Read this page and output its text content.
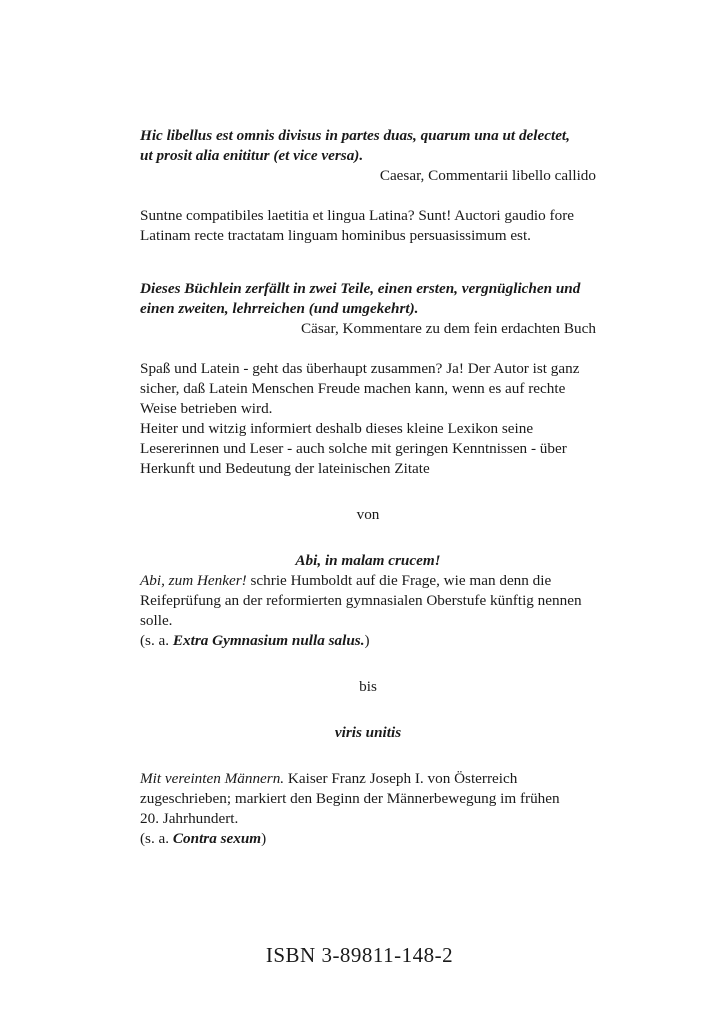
Hic libellus est omnis divisus in partes duas, quarum una ut delectet,

ut prosit alia enititur (et vice versa).

Caesar, Commentarii libello callido

Suntne compatibiles laetitia et lingua Latina? Sunt! Auctori gaudio fore

Latinam recte tractatam linguam hominibus persuasissimum est.

Dieses Büchlein zerfällt in zwei Teile, einen ersten, vergnüglichen und

einen zweiten, lehrreichen (und umgekehrt).

Cäsar, Kommentare zu dem fein erdachten Buch

Spaß und Latein - geht das überhaupt zusammen? Ja! Der Autor ist ganz

sicher, daß Latein Menschen Freude machen kann, wenn es auf rechte

Weise betrieben wird.

Heiter und witzig informiert deshalb dieses kleine Lexikon seine

Lesererinnen und Leser - auch solche mit geringen Kenntnissen - über

Herkunft und Bedeutung der lateinischen Zitate

von

Abi, in malam crucem!

Abi, zum Henker! schrie Humboldt auf die Frage, wie man denn die

Reifeprüfung an der reformierten gymnasialen Oberstufe künftig nennen

solle.

(s. a. Extra Gymnasium nulla salus.)

bis

viris unitis

Mit vereinten Männern. Kaiser Franz Joseph I. von Österreich

zugeschrieben; markiert den Beginn der Männerbewegung im frühen

20. Jahrhundert.

(s. a. Contra sexum)

ISBN 3-89811-148-2
